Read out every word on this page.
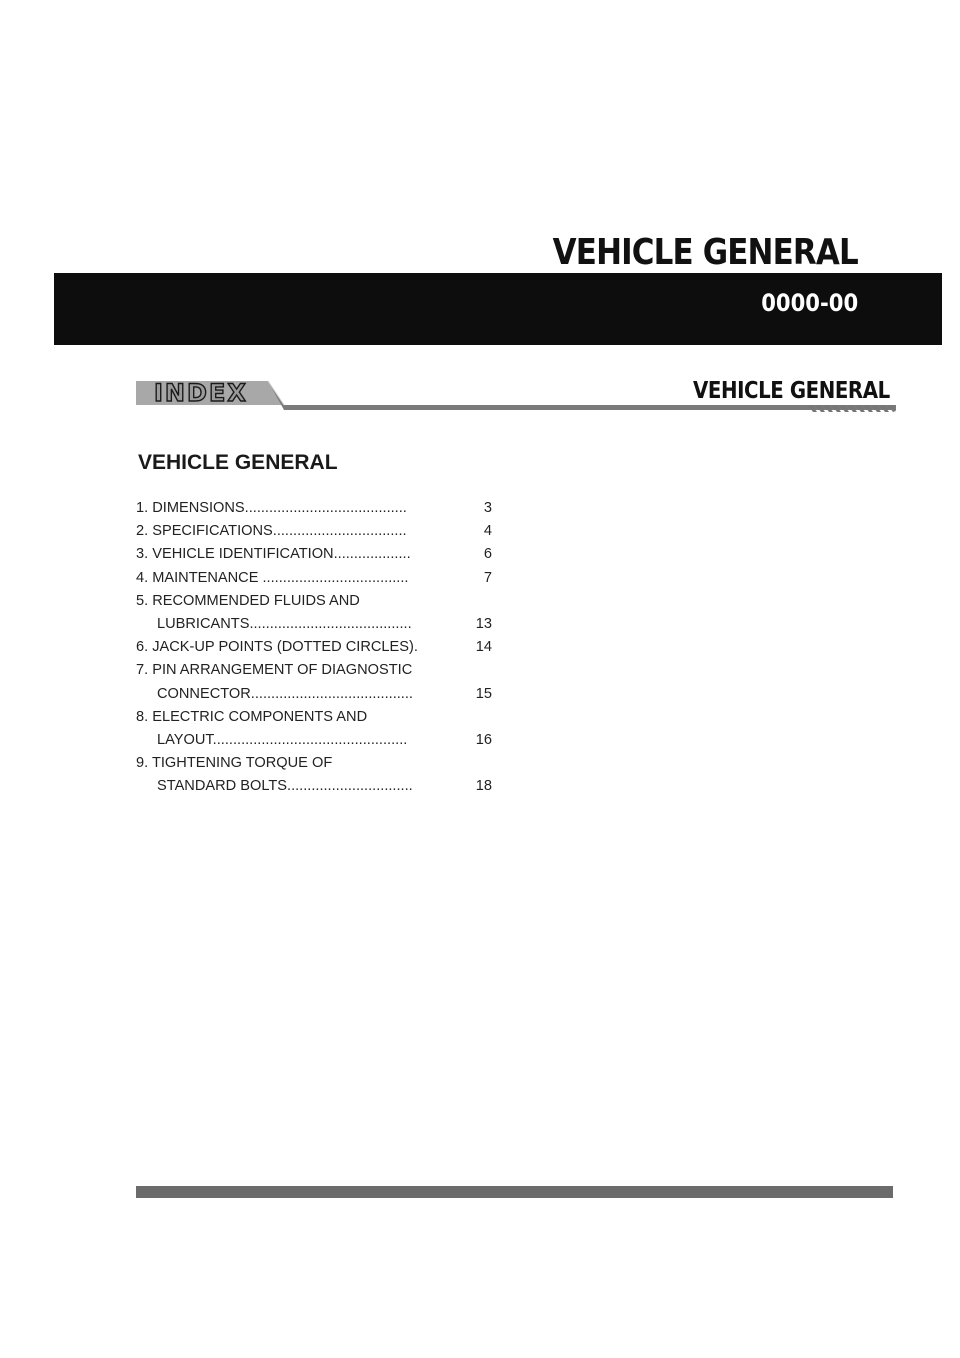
VEHICLE GENERAL
0000-00
INDEX	VEHICLE GENERAL
VEHICLE GENERAL
1. DIMENSIONS........................................	3
2. SPECIFICATIONS.................................	4
3. VEHICLE IDENTIFICATION...................	6
4. MAINTENANCE ....................................	7
5. RECOMMENDED FLUIDS AND
LUBRICANTS........................................	13
6. JACK-UP POINTS (DOTTED CIRCLES).	14
7. PIN ARRANGEMENT OF DIAGNOSTIC
CONNECTOR........................................	15
8. ELECTRIC COMPONENTS AND
LAYOUT................................................	16
9. TIGHTENING TORQUE OF
STANDARD BOLTS...............................	18
